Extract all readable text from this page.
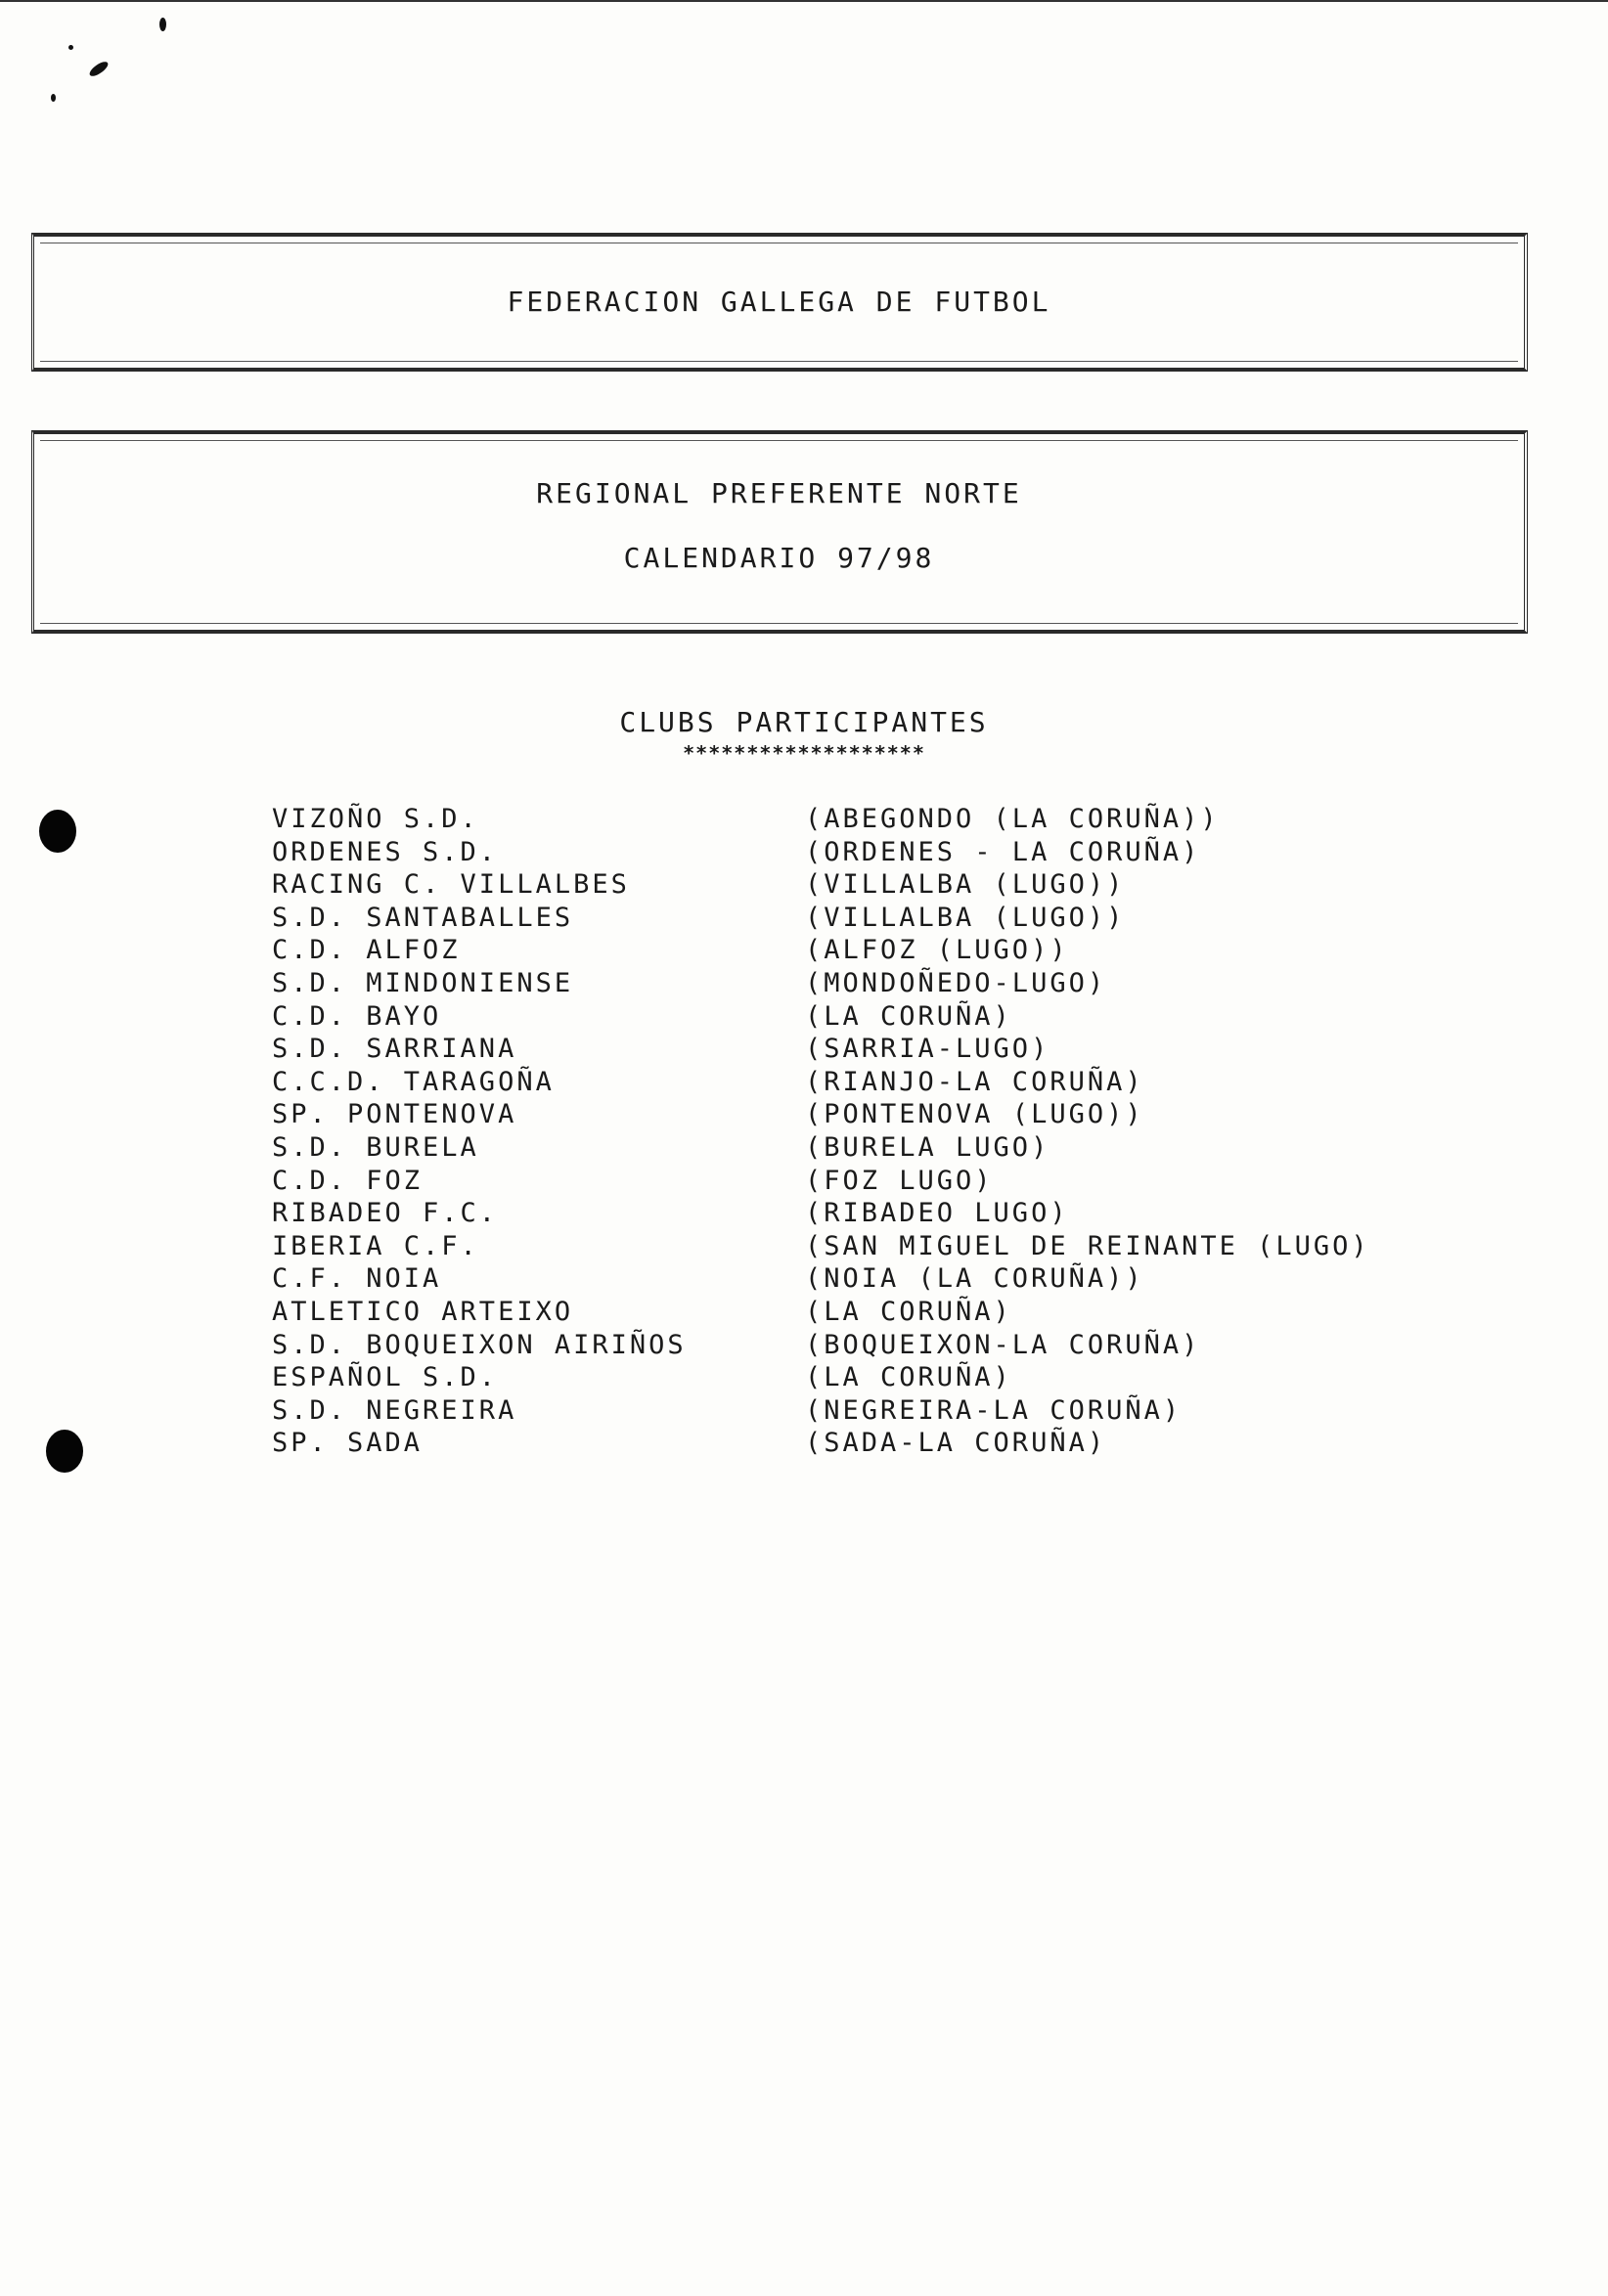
FEDERACION GALLEGA DE FUTBOL
REGIONAL PREFERENTE NORTE
CALENDARIO 97/98
CLUBS PARTICIPANTES
*******************
VIZOÑO S.D.	(ABEGONDO (LA CORUÑA))
ORDENES S.D.	(ORDENES - LA CORUÑA)
RACING C. VILLALBES	(VILLALBA (LUGO))
S.D. SANTABALLES	(VILLALBA (LUGO))
C.D. ALFOZ	(ALFOZ (LUGO))
S.D. MINDONIENSE	(MONDOÑEDO-LUGO)
C.D. BAYO	(LA CORUÑA)
S.D. SARRIANA	(SARRIA-LUGO)
C.C.D. TARAGOÑA	(RIANJO-LA CORUÑA)
SP. PONTENOVA	(PONTENOVA (LUGO))
S.D. BURELA	(BURELA LUGO)
C.D. FOZ	(FOZ LUGO)
RIBADEO F.C.	(RIBADEO LUGO)
IBERIA C.F.	(SAN MIGUEL DE REINANTE (LUGO)
C.F. NOIA	(NOIA (LA CORUÑA))
ATLETICO ARTEIXO	(LA CORUÑA)
S.D. BOQUEIXON AIRIÑOS	(BOQUEIXON-LA CORUÑA)
ESPAÑOL S.D.	(LA CORUÑA)
S.D. NEGREIRA	(NEGREIRA-LA CORUÑA)
SP. SADA	(SADA-LA CORUÑA)
